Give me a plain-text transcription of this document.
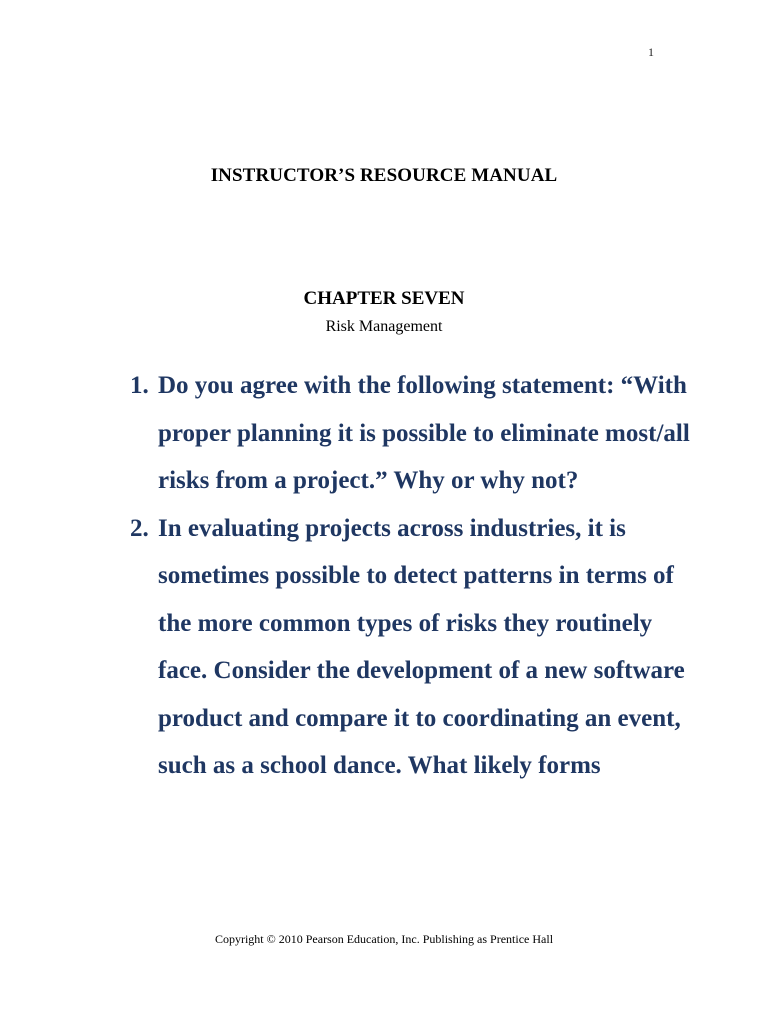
1
INSTRUCTOR’S RESOURCE MANUAL
CHAPTER SEVEN
Risk Management
1. Do you agree with the following statement: “With proper planning it is possible to eliminate most/all risks from a project.” Why or why not?
2. In evaluating projects across industries, it is sometimes possible to detect patterns in terms of the more common types of risks they routinely face. Consider the development of a new software product and compare it to coordinating an event, such as a school dance. What likely forms
Copyright © 2010 Pearson Education, Inc. Publishing as Prentice Hall
